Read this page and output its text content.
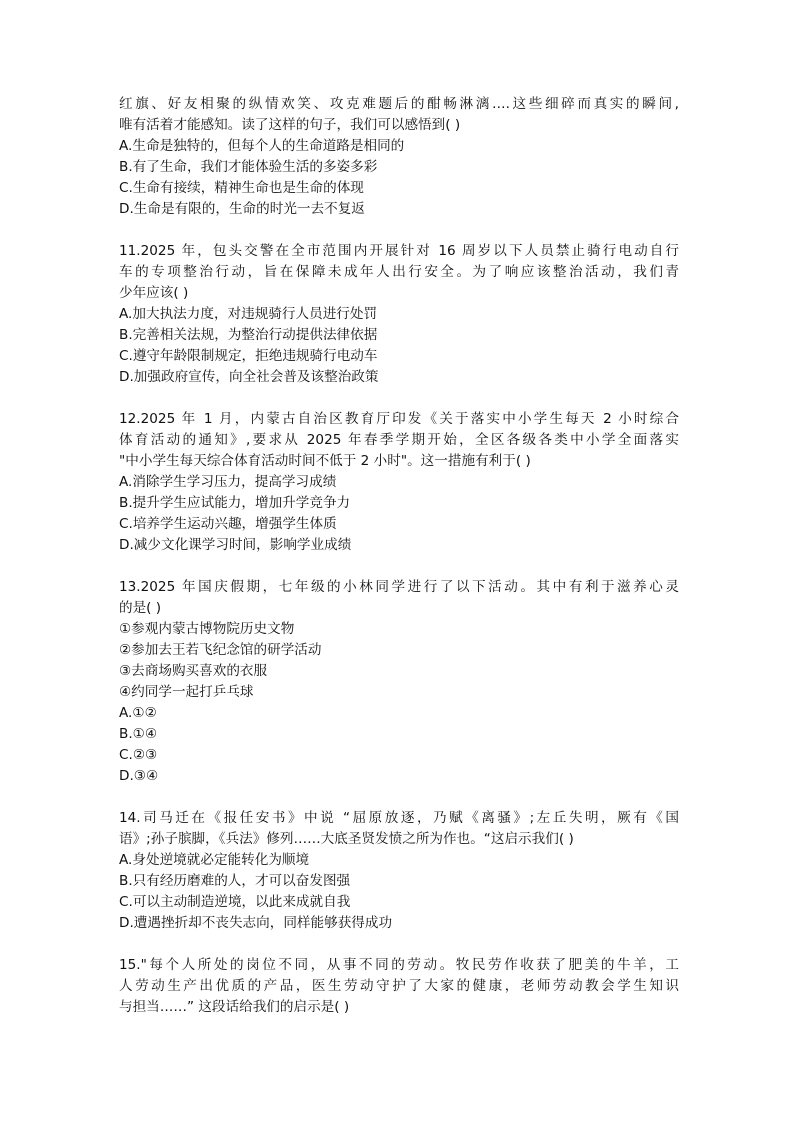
红旗、好友相聚的纵情欢笑、攻克难题后的酣畅淋漓….这些细碎而真实的瞬间,
唯有活着才能感知。读了这样的句子，我们可以感悟到( )
A.生命是独特的，但每个人的生命道路是相同的
B.有了生命，我们才能体验生活的多姿多彩
C.生命有接续，精神生命也是生命的体现
D.生命是有限的，生命的时光一去不复返
11.2025 年，包头交警在全市范围内开展针对 16 周岁以下人员禁止骑行电动自行
车的专项整治行动，旨在保障未成年人出行安全。为了响应该整治活动，我们青
少年应该( )
A.加大执法力度，对违规骑行人员进行处罚
B.完善相关法规，为整治行动提供法律依据
C.遵守年龄限制规定，拒绝违规骑行电动车
D.加强政府宣传，向全社会普及该整治政策
12.2025 年 1 月，内蒙古自治区教育厅印发《关于落实中小学生每天 2 小时综合
体育活动的通知》,要求从 2025 年春季学期开始，全区各级各类中小学全面落实
"中小学生每天综合体育活动时间不低于 2 小时"。这一措施有利于( )
A.消除学生学习压力，提高学习成绩
B.提升学生应试能力，增加升学竞争力
C.培养学生运动兴趣，增强学生体质
D.减少文化课学习时间，影响学业成绩
13.2025 年国庆假期，七年级的小林同学进行了以下活动。其中有利于滋养心灵
的是( )
①参观内蒙古博物院历史文物
②参加去王若飞纪念馆的研学活动
③去商场购买喜欢的衣服
④约同学一起打乒乓球
A.①②
B.①④
C.②③
D.③④
14.司马迁在《报任安书》中说 “屈原放逐，乃赋《离骚》;左丘失明，厥有《国
语》;孙子膑脚，《兵法》修列……大底圣贤发愤之所为作也。“这启示我们( )
A.身处逆境就必定能转化为顺境
B.只有经历磨难的人，才可以奋发图强
C.可以主动制造逆境，以此来成就自我
D.遭遇挫折却不丧失志向，同样能够获得成功
15."每个人所处的岗位不同，从事不同的劳动。牧民劳作收获了肥美的牛羊，工
人劳动生产出优质的产品，医生劳动守护了大家的健康，老师劳动教会学生知识
与担当……” 这段话给我们的启示是( )
